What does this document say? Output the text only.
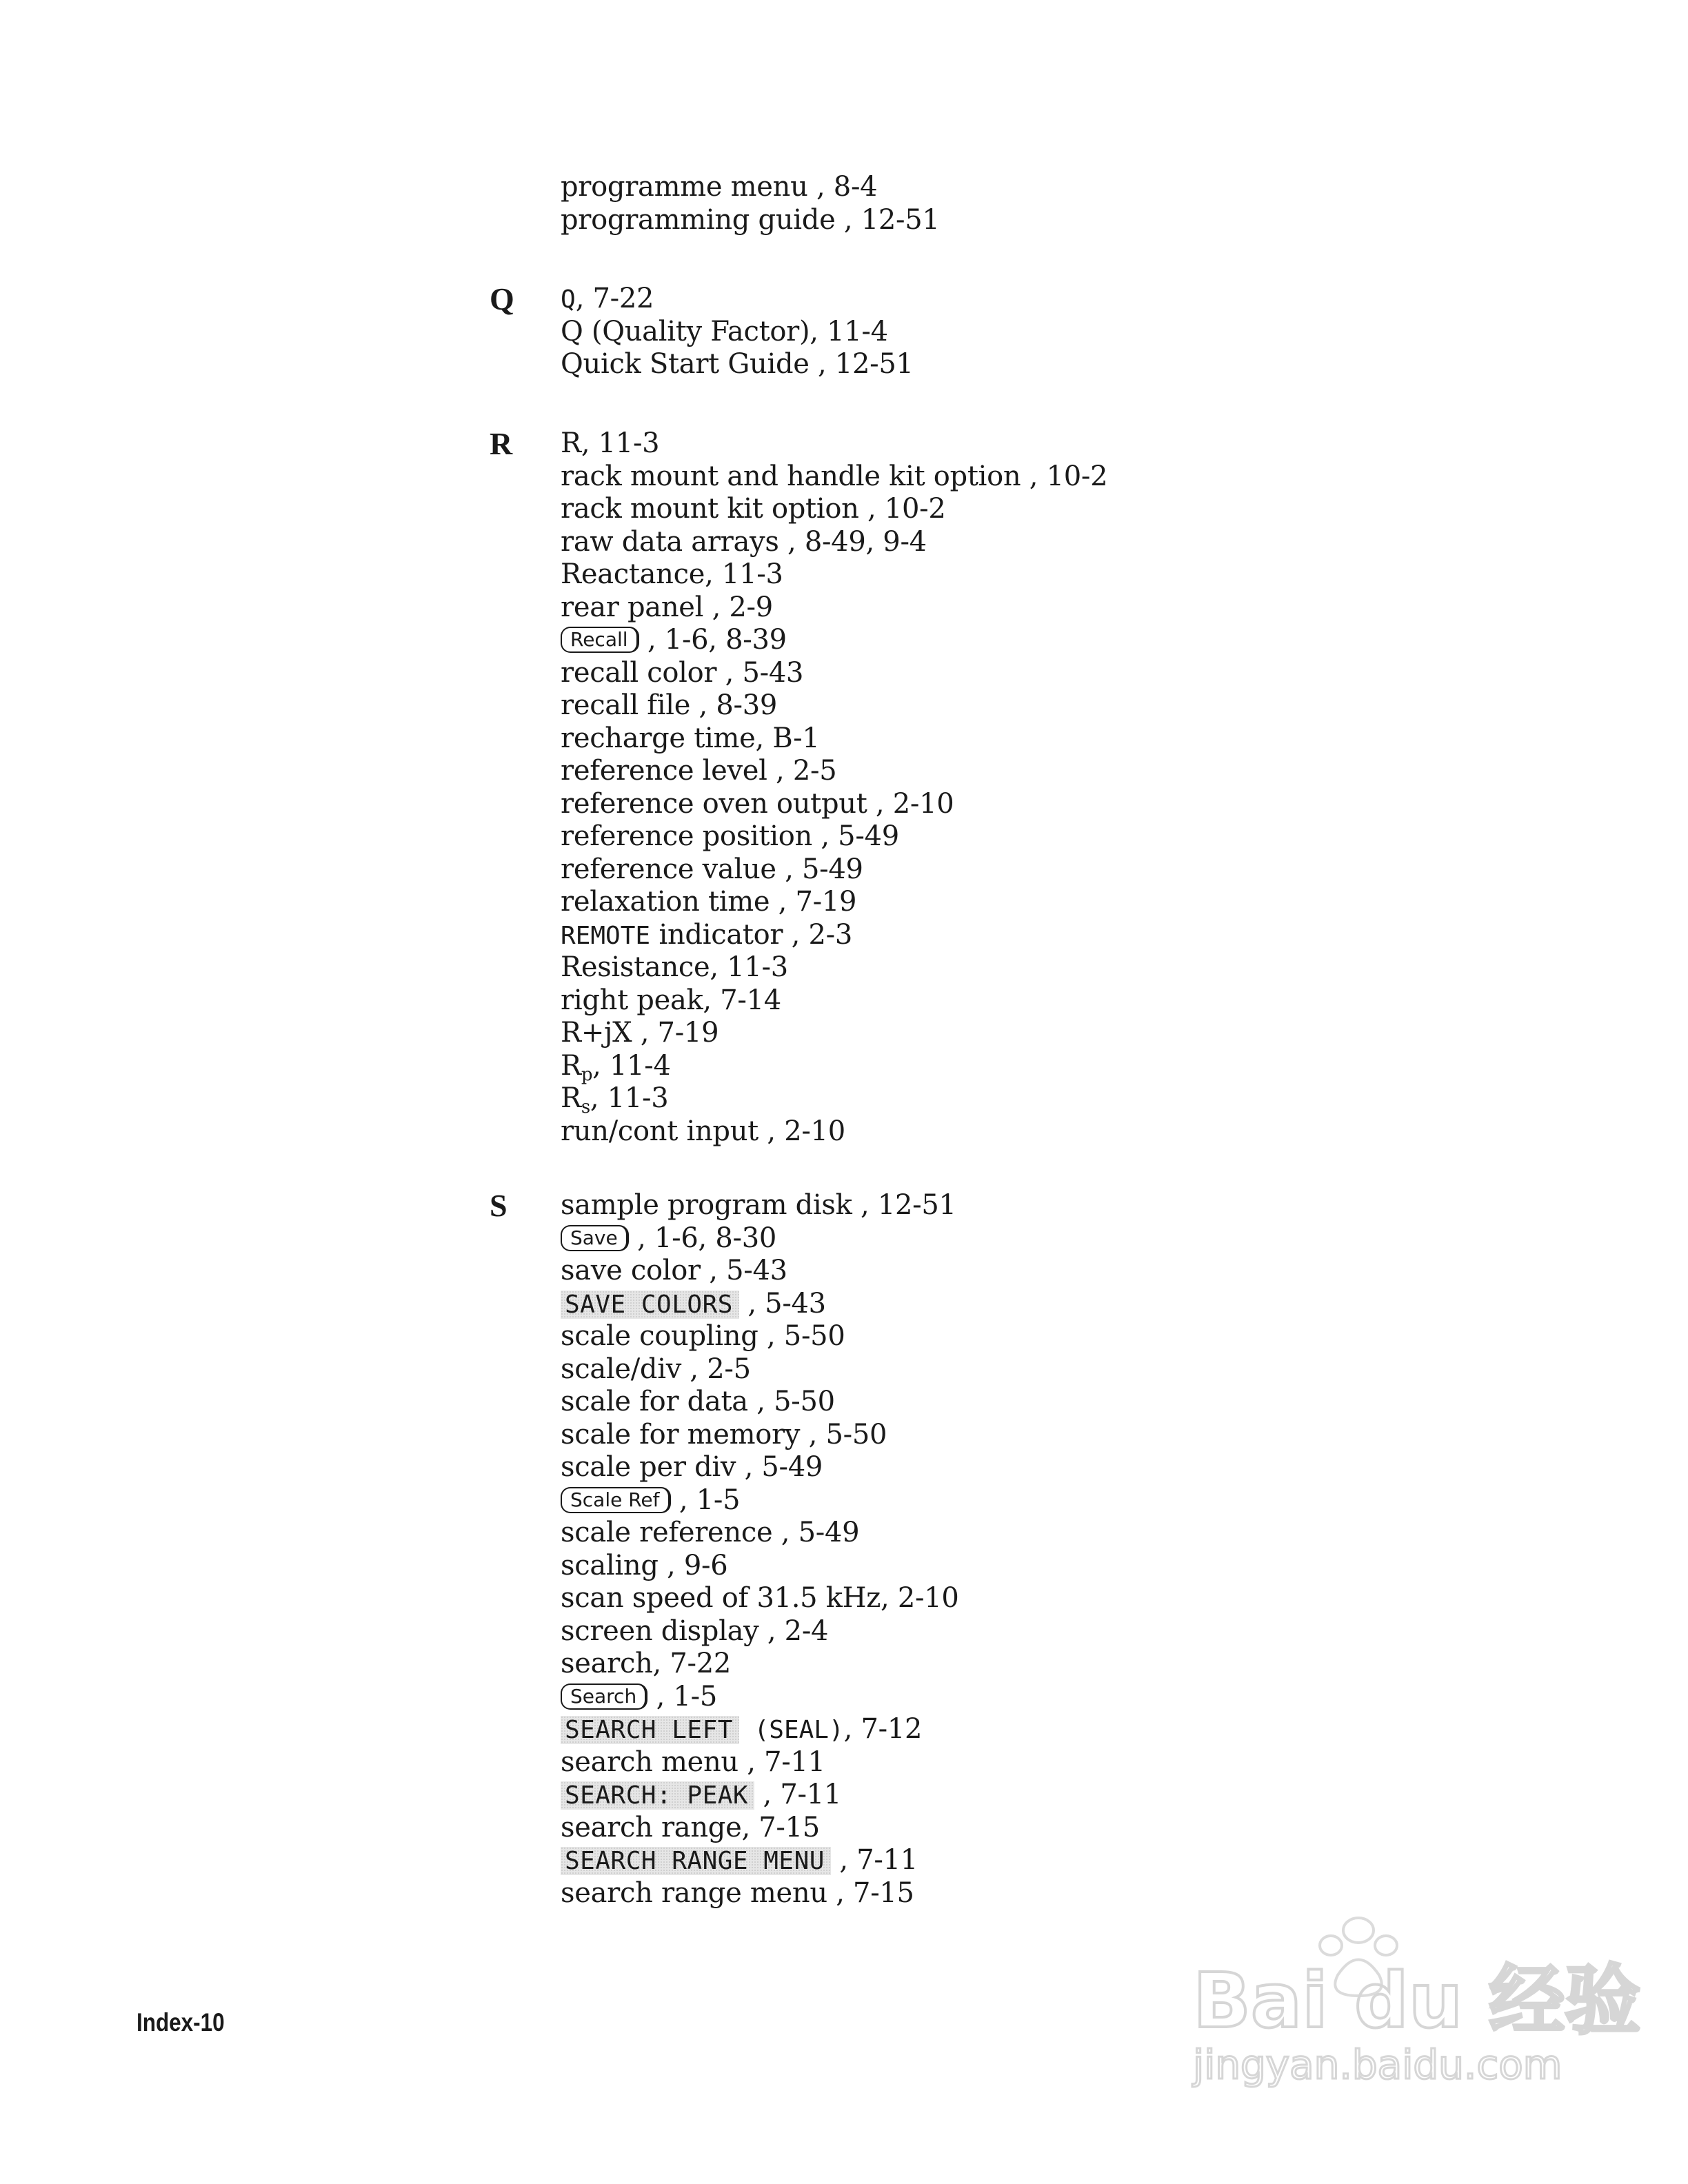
programme menu , 8-4
programming guide , 12-51
Q Q, 7-22
Q (Quality Factor), 11-4
Quick Start Guide , 12-51
R R, 11-3
rack mount and handle kit option , 10-2
rack mount kit option , 10-2
raw data arrays , 8-49, 9-4
Reactance, 11-3
rear panel , 2-9
Recall , 1-6, 8-39
recall color , 5-43
recall file , 8-39
recharge time, B-1
reference level , 2-5
reference oven output , 2-10
reference position , 5-49
reference value , 5-49
relaxation time , 7-19
REMOTE indicator , 2-3
Resistance, 11-3
right peak, 7-14
R+jX , 7-19
$R_p$, 11-4
$R_s$, 11-3
run/cont input , 2-10
S sample program disk , 12-51
Save , 1-6, 8-30
save color , 5-43
SAVE COLORS , 5-43
scale coupling , 5-50
scale/div , 2-5
scale for data , 5-50
scale for memory , 5-50
scale per div , 5-49
Scale Ref , 1-5
scale reference , 5-49
scaling , 9-6
scan speed of 31.5 kHz, 2-10
screen display , 2-4
search, 7-22
Search , 1-5
SEARCH LEFT (SEAL), 7-12
search menu , 7-11
SEARCH: PEAK , 7-11
search range, 7-15
SEARCH RANGE MENU , 7-11
search range menu , 7-15
Index-10	Bai du 经验
jingyan.baidu.com
